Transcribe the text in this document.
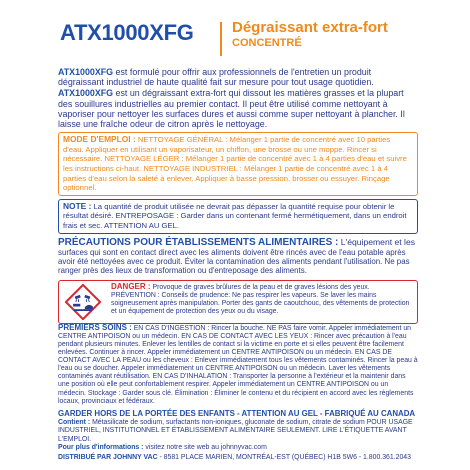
ATX1000XFG	Dégraissant extra-fort
CONCENTRÉ

ATX1000XFG est formulé pour offrir aux professionnels de l'entretien un produit dégraissant industriel de haute qualité fait sur mesure pour tout usage quotidien.

ATX1000XFG est un dégraissant extra-fort qui dissout les matières grasses et la plupart des souillures industrielles au premier contact. Il peut être utilisé comme nettoyant à vaporiser pour nettoyer les surfaces dures et aussi comme super nettoyant à plancher. Il laisse une fraîche odeur de citron après le nettoyage.

MODE D'EMPLOI : NETTOYAGE GÉNÉRAL : Mélanger 1 partie de concentré avec 10 parties d'eau. Appliquer en utilisant un vaporisateur, un chiffon, une brosse ou une moppe. Rincer si nécessaire. NETTOYAGE LÉGER : Mélanger 1 partie de concentré avec 1 à 4 parties d'eau et suivre les instructions ci-haut. NETTOYAGE INDUSTRIEL : Mélanger 1 partie de concentré avec 1 à 4 parties d'eau selon la saleté à enlever. Appliquer à basse pression, brosser ou essuyer. Rinçage optionnel.
NOTE : La quantité de produit utilisée ne devrait pas dépasser la quantité requise pour obtenir le résultat désiré. ENTREPOSAGE : Garder dans un contenant fermé hermétiquement, dans un endroit frais et sec. ATTENTION AU GEL.

PRÉCAUTIONS POUR ÉTABLISSEMENTS ALIMENTAIRES : L'équipement et les

surfaces qui sont en contact direct avec les aliments doivent être rincés avec de l'eau potable après avoir été nettoyées avec ce produit. Éviter la contamination des aliments pendant l'utilisation. Ne pas ranger près des lieux de transformation ou d'entreposage des aliments.

DANGER : Provoque de graves brûlures de la peau et de graves lésions des yeux. PRÉVENTION : Conseils de prudence: Ne pas respirer les vapeurs. Se laver les mains soigneusement après manipulation. Porter des gants de caoutchouc, des vêtements de protection et un équipement de protection des yeux ou du visage.

PREMIERS SOINS : EN CAS D'INGESTION : Rincer la bouche. NE PAS faire vomir. Appeler immédiatement un CENTRE ANTIPOISON ou un médecin. EN CAS DE CONTACT AVEC LES YEUX : Rincer avec précaution à l'eau pendant plusieurs minutes. Enlever les lentilles de contact si la victime en porte et si elles peuvent être facilement enlevées. Continuer à rincer. Appeler immédiatement un CENTRE ANTIPOISON ou un médecin. EN CAS DE CONTACT AVEC LA PEAU ou les cheveux : Enlever immédiatement tous les vêtements contaminés. Rincer la peau à l'eau ou se doucher. Appeler immédiatement un CENTRE ANTIPOISON ou un médecin. Laver les vêtements contaminés avant réutilisation. EN CAS D'INHALATION : Transporter la personne à l'extérieur et la maintenir dans une position où elle peut confortablement respirer. Appeler immédiatement un CENTRE ANTIPOISON ou un médecin. Stockage : Garder sous clé. Élimination : Éliminer le contenu et du récipient en accord avec les règlements locaux, provinciaux et fédéraux.

GARDER HORS DE LA PORTÉE DES ENFANTS - ATTENTION AU GEL - FABRIQUÉ AU CANADA

Contient : Métasilicate de sodium, surfactants non-ioniques, gluconate de sodium, citrate de sodium POUR USAGE INDUSTRIEL, INSTITUTIONNEL ET ÉTABLISSEMENT ALIMENTAIRE SEULEMENT. LIRE L'ÉTIQUETTE AVANT L'EMPLOI.

Pour plus d'informations : visitez notre site web au johnnyvac.com

DISTRIBUÉ PAR JOHNNY VAC - 8581 PLACE MARIEN, MONTRÉAL-EST (QUÉBEC) H1B 5W6 - 1.800.361.2043
